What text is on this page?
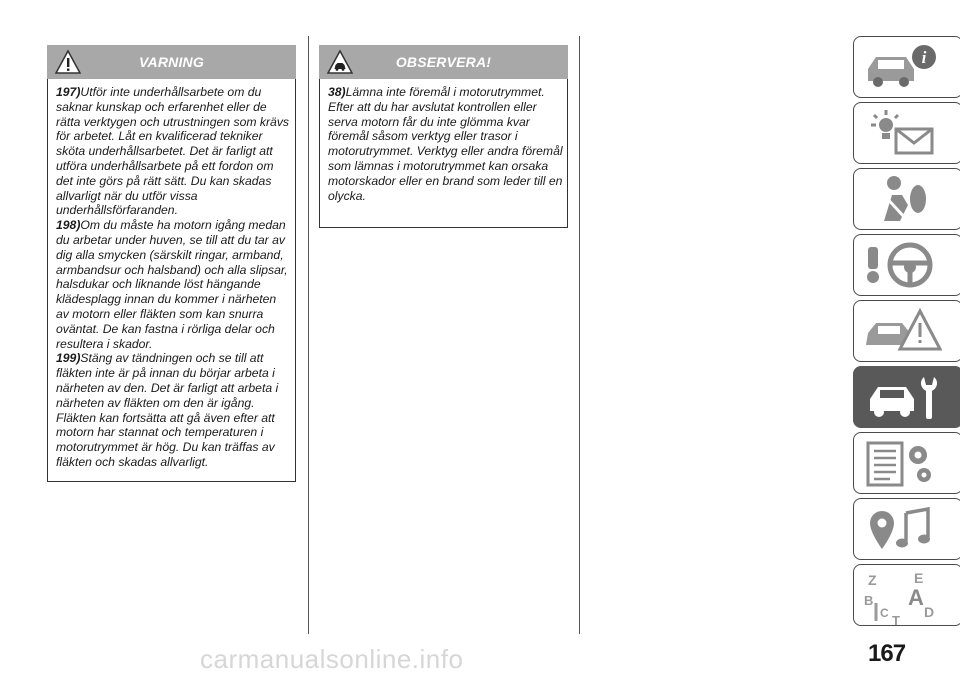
VARNING

197)Utför inte underhållsarbete om du saknar kunskap och erfarenhet eller de rätta verktygen och utrustningen som krävs för arbetet. Låt en kvalificerad tekniker sköta underhållsarbetet. Det är farligt att utföra underhållsarbete på ett fordon om det inte görs på rätt sätt. Du kan skadas allvarligt när du utför vissa underhållsförfaranden.

198)Om du måste ha motorn igång medan du arbetar under huven, se till att du tar av dig alla smycken (särskilt ringar, armband, armbandsur och halsband) och alla slipsar, halsdukar och liknande löst hängande klädesplagg innan du kommer i närheten av motorn eller fläkten som kan snurra oväntat. De kan fastna i rörliga delar och resultera i skador.

199)Stäng av tändningen och se till att fläkten inte är på innan du börjar arbeta i närheten av den. Det är farligt att arbeta i närheten av fläkten om den är igång. Fläkten kan fortsätta att gå även efter att motorn har stannat och temperaturen i motorutrymmet är hög. Du kan träffas av fläkten och skadas allvarligt.

OBSERVERA!

38)Lämna inte föremål i motorutrymmet. Efter att du har avslutat kontrollen eller serva motorn får du inte glömma kvar föremål såsom verktyg eller trasor i motorutrymmet. Verktyg eller andra föremål som lämnas i motorutrymmet kan orsaka motorskador eller en brand som leder till en olycka.

i
Z	E
B A
C	D
T
167
carmanualsonline.info
